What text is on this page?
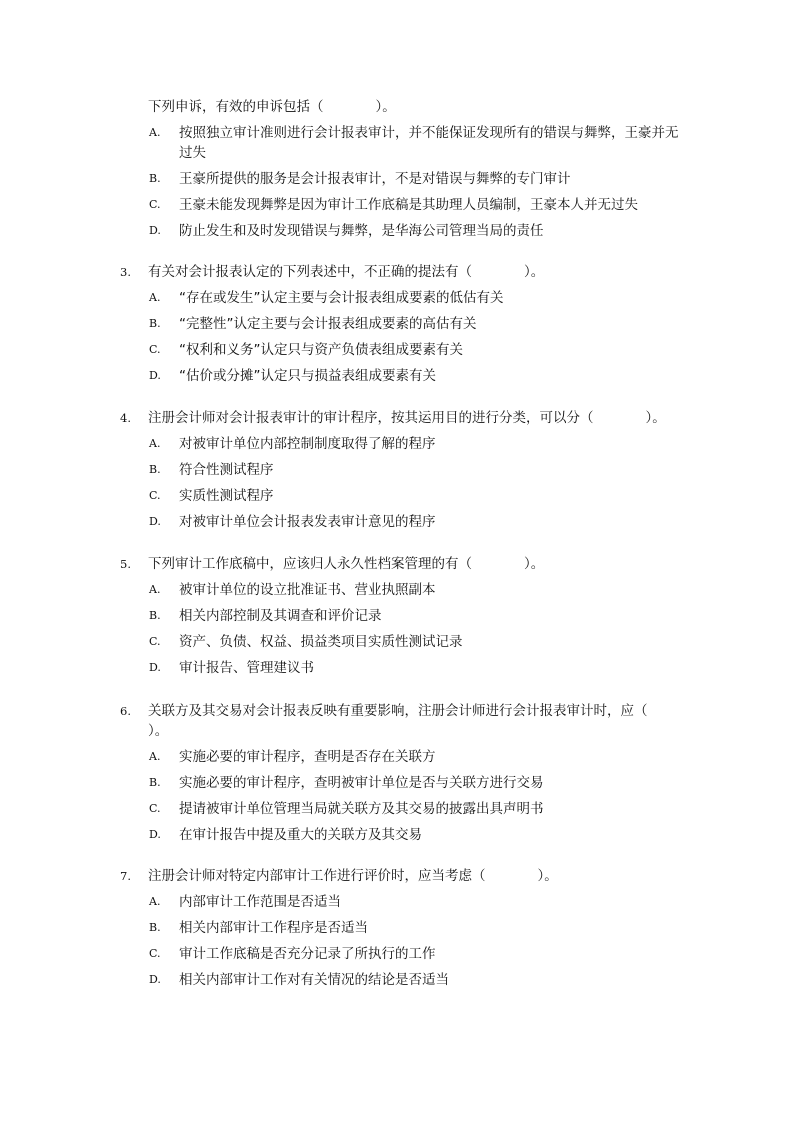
下列申诉，有效的申诉包括（	）。
A.	按照独立审计准则进行会计报表审计，并不能保证发现所有的错误与舞弊，王豪并无过失
B.	王豪所提供的服务是会计报表审计，不是对错误与舞弊的专门审计
C.	王豪未能发现舞弊是因为审计工作底稿是其助理人员编制，王豪本人并无过失
D.	防止发生和及时发现错误与舞弊，是华海公司管理当局的责任
3.	有关对会计报表认定的下列表述中，不正确的提法有（	）。
A.	“存在或发生”认定主要与会计报表组成要素的低估有关
B.	“完整性”认定主要与会计报表组成要素的高估有关
C.	“权利和义务”认定只与资产负债表组成要素有关
D.	“估价或分摊”认定只与损益表组成要素有关
4.	注册会计师对会计报表审计的审计程序，按其运用目的进行分类，可以分（	）。
A.	对被审计单位内部控制制度取得了解的程序
B.	符合性测试程序
C.	实质性测试程序
D.	对被审计单位会计报表发表审计意见的程序
5.	下列审计工作底稿中，应该归人永久性档案管理的有（	）。
A.	被审计单位的设立批准证书、营业执照副本
B.	相关内部控制及其调查和评价记录
C.	资产、负债、权益、损益类项目实质性测试记录
D.	审计报告、管理建议书
6.	关联方及其交易对会计报表反映有重要影响，注册会计师进行会计报表审计时，应（
）。
A.	实施必要的审计程序，查明是否存在关联方
B.	实施必要的审计程序，查明被审计单位是否与关联方进行交易
C.	提请被审计单位管理当局就关联方及其交易的披露出具声明书
D.	在审计报告中提及重大的关联方及其交易
7.	注册会计师对特定内部审计工作进行评价时，应当考虑（	）。
A.	内部审计工作范围是否适当
B.	相关内部审计工作程序是否适当
C.	审计工作底稿是否充分记录了所执行的工作
D.	相关内部审计工作对有关情况的结论是否适当
